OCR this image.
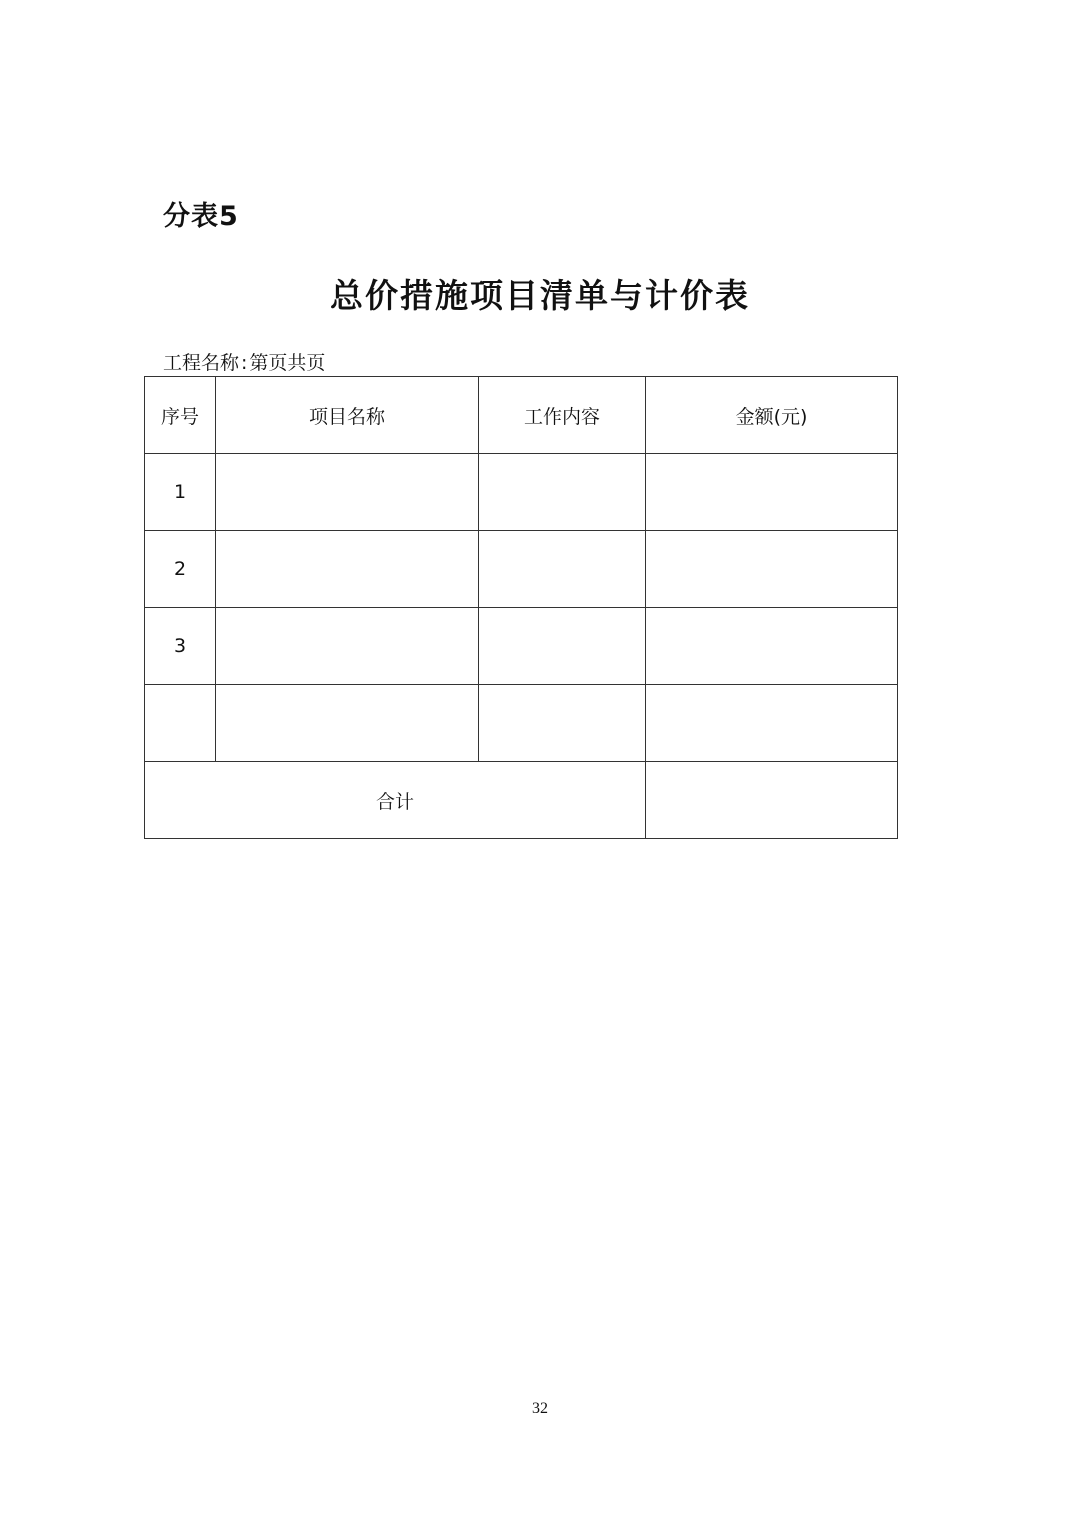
分表5
总价措施项目清单与计价表
工程名称 : 第页共页
序号	项目名称	工作内容	金额(元)
1			
2			
3			

合计			
32
